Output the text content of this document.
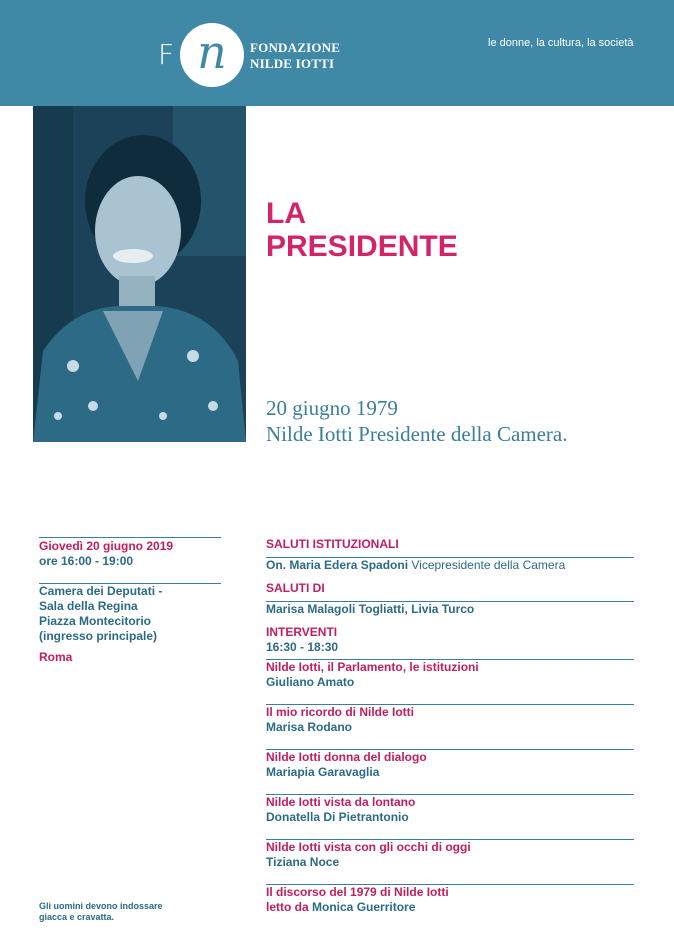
F n	FONDAZIONE
NILDE IOTTI
le donne, la cultura, la società
LA
PRESIDENTE
20 giugno 1979
Nilde Iotti Presidente della Camera.
Giovedì 20 giugno 2019
ore 16:00 - 19:00
Camera dei Deputati -
Sala della Regina
Piazza Montecitorio
(ingresso principale)
Roma
SALUTI ISTITUZIONALI
On. Maria Edera Spadoni Vicepresidente della Camera
SALUTI DI
Marisa Malagoli Togliatti, Livia Turco
INTERVENTI
16:30 - 18:30
Nilde Iotti, il Parlamento, le istituzioni
Giuliano Amato
Il mio ricordo di Nilde Iotti
Marisa Rodano
Nilde Iotti donna del dialogo
Mariapia Garavaglia
Nilde Iotti vista da lontano
Donatella Di Pietrantonio
Nilde Iotti vista con gli occhi di oggi
Tiziana Noce
Il discorso del 1979 di Nilde Iotti
letto da Monica Guerritore
Gli uomini devono indossare
giacca e cravatta.
